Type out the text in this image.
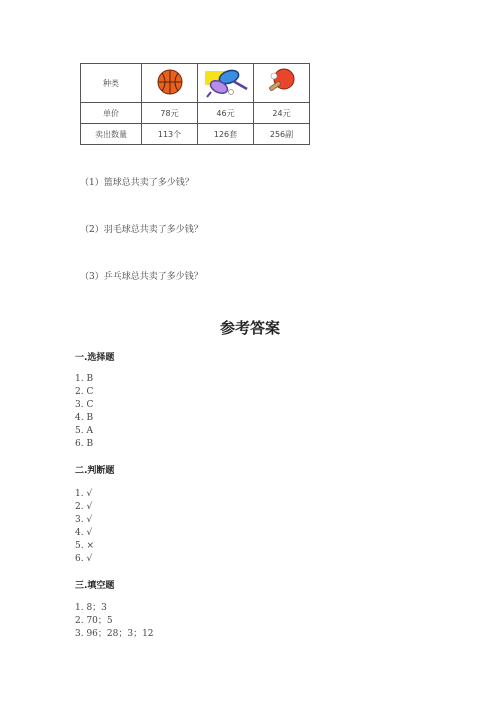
种类			
单价	78元	46元	24元
卖出数量	113个	126套	256副
（1）篮球总共卖了多少钱？
（2）羽毛球总共卖了多少钱？
（3）乒乓球总共卖了多少钱？
参考答案
一.选择题
1. B
2. C
3. C
4. B
5. A
6. B
二.判断题
1. √
2. √
3. √
4. √
5. ×
6. √
三.填空题
1. 8；3
2. 70；5
3. 96；28；3；12
